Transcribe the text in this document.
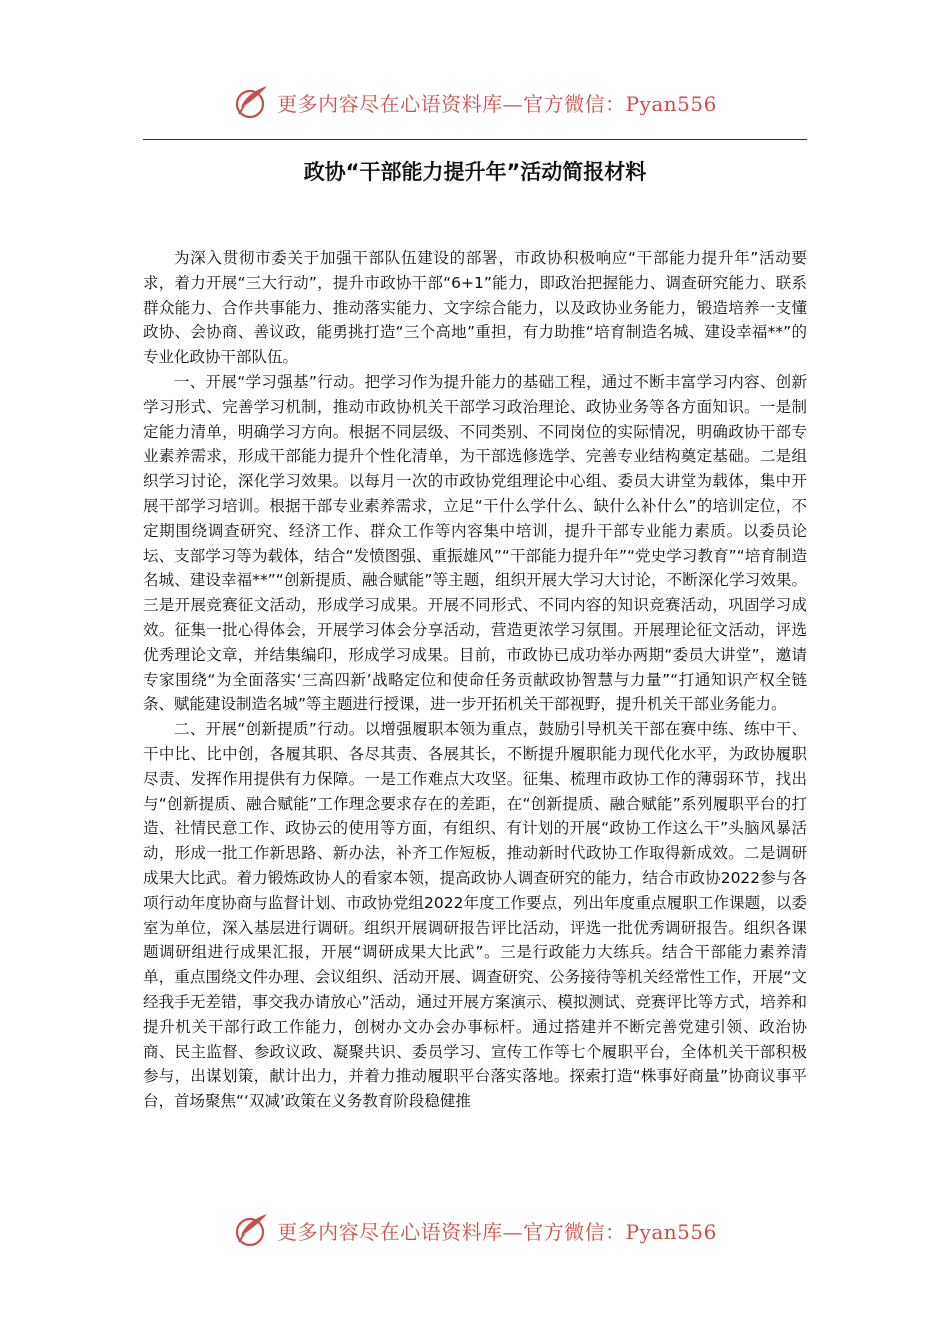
更多内容尽在心语资料库—官方微信：Pyan556
政协“干部能力提升年”活动简报材料

为深入贯彻市委关于加强干部队伍建设的部署，市政协积极响应“干部能力提升年”活动要求，着力开展“三大行动”，提升市政协干部“6+1”能力，即政治把握能力、调查研究能力、联系群众能力、合作共事能力、推动落实能力、文字综合能力，以及政协业务能力，锻造培养一支懂政协、会协商、善议政，能勇挑打造“三个高地”重担，有力助推“培育制造名城、建设幸福**”的专业化政协干部队伍。

一、开展“学习强基”行动。把学习作为提升能力的基础工程，通过不断丰富学习内容、创新学习形式、完善学习机制，推动市政协机关干部学习政治理论、政协业务等各方面知识。一是制定能力清单，明确学习方向。根据不同层级、不同类别、不同岗位的实际情况，明确政协干部专业素养需求，形成干部能力提升个性化清单，为干部选修选学、完善专业结构奠定基础。二是组织学习讨论，深化学习效果。以每月一次的市政协党组理论中心组、委员大讲堂为载体，集中开展干部学习培训。根据干部专业素养需求，立足“干什么学什么、缺什么补什么”的培训定位，不定期围绕调查研究、经济工作、群众工作等内容集中培训，提升干部专业能力素质。以委员论坛、支部学习等为载体，结合“发愤图强、重振雄风”“干部能力提升年”“党史学习教育”“培育制造名城、建设幸福**”“创新提质、融合赋能”等主题，组织开展大学习大讨论，不断深化学习效果。三是开展竞赛征文活动，形成学习成果。开展不同形式、不同内容的知识竞赛活动，巩固学习成效。征集一批心得体会，开展学习体会分享活动，营造更浓学习氛围。开展理论征文活动，评选优秀理论文章，并结集编印，形成学习成果。目前，市政协已成功举办两期“委员大讲堂”，邀请专家围绕“为全面落实‘三高四新’战略定位和使命任务贡献政协智慧与力量”“打通知识产权全链条、赋能建设制造名城”等主题进行授课，进一步开拓机关干部视野，提升机关干部业务能力。

二、开展“创新提质”行动。以增强履职本领为重点，鼓励引导机关干部在赛中练、练中干、干中比、比中创，各履其职、各尽其责、各展其长，不断提升履职能力现代化水平，为政协履职尽责、发挥作用提供有力保障。一是工作难点大攻坚。征集、梳理市政协工作的薄弱环节，找出与“创新提质、融合赋能”工作理念要求存在的差距，在“创新提质、融合赋能”系列履职平台的打造、社情民意工作、政协云的使用等方面，有组织、有计划的开展“政协工作这么干”头脑风暴活动，形成一批工作新思路、新办法，补齐工作短板，推动新时代政协工作取得新成效。二是调研成果大比武。着力锻炼政协人的看家本领，提高政协人调查研究的能力，结合市政协2022参与各项行动年度协商与监督计划、市政协党组2022年度工作要点，列出年度重点履职工作课题，以委室为单位，深入基层进行调研。组织开展调研报告评比活动，评选一批优秀调研报告。组织各课题调研组进行成果汇报，开展“调研成果大比武”。三是行政能力大练兵。结合干部能力素养清单，重点围绕文件办理、会议组织、活动开展、调查研究、公务接待等机关经常性工作，开展“文经我手无差错，事交我办请放心”活动，通过开展方案演示、模拟测试、竞赛评比等方式，培养和提升机关干部行政工作能力，创树办文办会办事标杆。通过搭建并不断完善党建引领、政治协商、民主监督、参政议政、凝聚共识、委员学习、宣传工作等七个履职平台，全体机关干部积极参与，出谋划策，献计出力，并着力推动履职平台落实落地。探索打造“株事好商量”协商议事平台，首场聚焦“‘双减’政策在义务教育阶段稳健推

更多内容尽在心语资料库—官方微信：Pyan556
